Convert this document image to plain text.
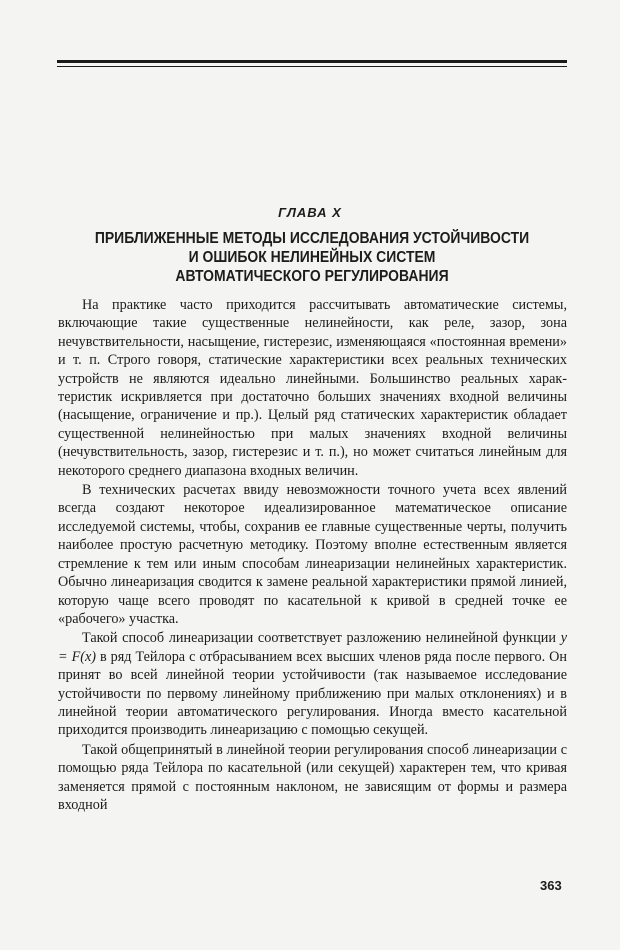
ГЛАВА X
ПРИБЛИЖЕННЫЕ МЕТОДЫ ИССЛЕДОВАНИЯ УСТОЙЧИВОСТИ
И ОШИБОК НЕЛИНЕЙНЫХ СИСТЕМ
АВТОМАТИЧЕСКОГО РЕГУЛИРОВАНИЯ

На практике часто приходится рассчитывать автоматические системы, включающие такие существенные нелинейности, как реле, зазор, зона нечувствительности, насыщение, гистерезис, изменяющаяся «постоянная времени» и т. п. Строго говоря, статические характеристики всех реальных технических устройств не являются идеально линейными. Большинство реальных характеристик искривляется при достаточно больших значениях входной величины (насыщение, ограничение и пр.). Целый ряд статических характеристик обладает существенной нелинейностью при малых значениях входной величины (нечувствительность, зазор, гистерезис и т. п.), но может считаться линейным для некоторого среднего диапазона входных величин.

В технических расчетах ввиду невозможности точного учета всех явлений всегда создают некоторое идеализированное математическое описание исследуемой системы, чтобы, сохранив ее главные существенные черты, получить наиболее простую расчетную методику. Поэтому вполне естественным является стремление к тем или иным способам линеаризации нелинейных характеристик. Обычно линеаризация сводится к замене реальной характеристики прямой линией, которую чаще всего проводят по касательной к кривой в средней точке ее «рабочего» участка.

Такой способ линеаризации соответствует разложению нелинейной функции y = F(x) в ряд Тейлора с отбрасыванием всех высших членов ряда после первого. Он принят во всей линейной теории устойчивости (так называемое исследование устойчивости по первому линейному приближению при малых отклонениях) и в линейной теории автоматического регулирования. Иногда вместо касательной приходится производить линеаризацию с помощью секущей.

Такой общепринятый в линейной теории регулирования способ линеаризации с помощью ряда Тейлора по касательной (или секущей) характерен тем, что кривая заменяется прямой с постоянным наклоном, не зависящим от формы и размера входной

363
